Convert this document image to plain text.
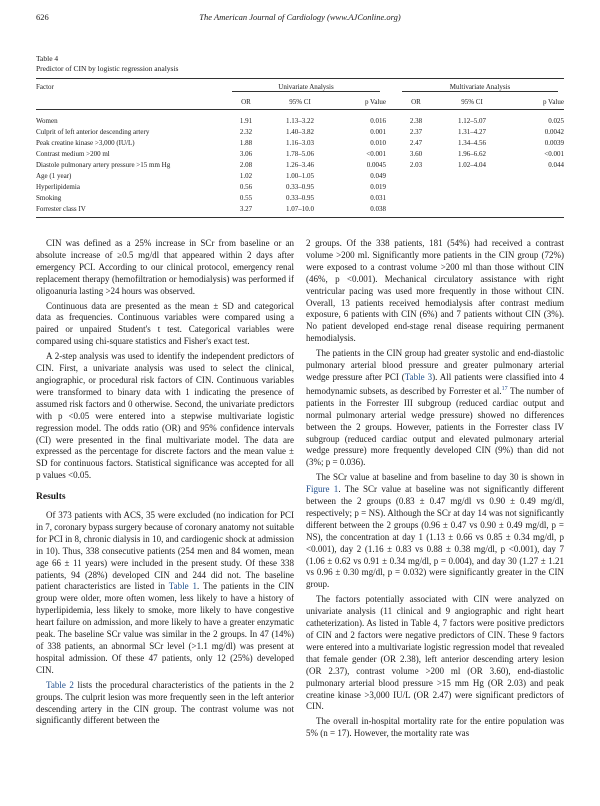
626	The American Journal of Cardiology (www.AJConline.org)
Table 4
Predictor of CIN by logistic regression analysis
Factor	Univariate Analysis				Multivariate Analysis		

	OR	95% CI	p Value		OR	95% CI	p Value

Women	1.91	1.13–3.22	0.016		2.38	1.12–5.07	0.025
Culprit of left anterior descending artery	2.32	1.40–3.82	0.001		2.37	1.31–4.27	0.0042
Peak creatine kinase >3,000 (IU/L)	1.88	1.16–3.03	0.010		2.47	1.34–4.56	0.0039
Contrast medium >200 ml	3.06	1.78–5.06	<0.001		3.60	1.96–6.62	<0.001
Diastole pulmonary artery pressure >15 mm Hg	2.08	1.26–3.46	0.0045		2.03	1.02–4.04	0.044
Age (1 year)	1.02	1.00–1.05	0.049				
Hyperlipidemia	0.56	0.33–0.95	0.019				
Smoking	0.55	0.33–0.95	0.031				
Forrester class IV	3.27	1.07–10.0	0.038				

CIN was defined as a 25% increase in SCr from baseline or an absolute increase of ≥0.5 mg/dl that appeared within 2 days after emergency PCI. According to our clinical protocol, emergency renal replacement therapy (hemofiltration or hemodialysis) was performed if oligoanuria lasting >24 hours was observed.

Continuous data are presented as the mean ± SD and categorical data as frequencies. Continuous variables were compared using a paired or unpaired Student's t test. Categorical variables were compared using chi-square statistics and Fisher's exact test.

A 2-step analysis was used to identify the independent predictors of CIN. First, a univariate analysis was used to select the clinical, angiographic, or procedural risk factors of CIN. Continuous variables were transformed to binary data with 1 indicating the presence of assumed risk factors and 0 otherwise. Second, the univariate predictors with p <0.05 were entered into a stepwise multivariate logistic regression model. The odds ratio (OR) and 95% confidence intervals (CI) were presented in the final multivariate model. The data are expressed as the percentage for discrete factors and the mean value ± SD for continuous factors. Statistical significance was accepted for all p values <0.05.

Results

Of 373 patients with ACS, 35 were excluded (no indication for PCI in 7, coronary bypass surgery because of coronary anatomy not suitable for PCI in 8, chronic dialysis in 10, and cardiogenic shock at admission in 10). Thus, 338 consecutive patients (254 men and 84 women, mean age 66 ± 11 years) were included in the present study. Of these 338 patients, 94 (28%) developed CIN and 244 did not. The baseline patient characteristics are listed in Table 1. The patients in the CIN group were older, more often women, less likely to have a history of hyperlipidemia, less likely to smoke, more likely to have congestive heart failure on admission, and more likely to have a greater enzymatic peak. The baseline SCr value was similar in the 2 groups. In 47 (14%) of 338 patients, an abnormal SCr level (>1.1 mg/dl) was present at hospital admission. Of these 47 patients, only 12 (25%) developed CIN.

Table 2 lists the procedural characteristics of the patients in the 2 groups. The culprit lesion was more frequently seen in the left anterior descending artery in the CIN group. The contrast volume was not significantly different between the

2 groups. Of the 338 patients, 181 (54%) had received a contrast volume >200 ml. Significantly more patients in the CIN group (72%) were exposed to a contrast volume >200 ml than those without CIN (46%, p <0.001). Mechanical circulatory assistance with right ventricular pacing was used more frequently in those without CIN. Overall, 13 patients received hemodialysis after contrast medium exposure, 6 patients with CIN (6%) and 7 patients without CIN (3%). No patient developed end-stage renal disease requiring permanent hemodialysis.

The patients in the CIN group had greater systolic and end-diastolic pulmonary arterial blood pressure and greater pulmonary arterial wedge pressure after PCI (Table 3). All patients were classified into 4 hemodynamic subsets, as described by Forrester et al.$^{17}$ The number of patients in the Forrester III subgroup (reduced cardiac output and normal pulmonary arterial wedge pressure) showed no differences between the 2 groups. However, patients in the Forrester class IV subgroup (reduced cardiac output and elevated pulmonary arterial wedge pressure) more frequently developed CIN (9%) than did not (3%; p = 0.036).

The SCr value at baseline and from baseline to day 30 is shown in Figure 1. The SCr value at baseline was not significantly different between the 2 groups (0.83 ± 0.47 mg/dl vs 0.90 ± 0.49 mg/dl, respectively; p = NS). Although the SCr at day 14 was not significantly different between the 2 groups (0.96 ± 0.47 vs 0.90 ± 0.49 mg/dl, p = NS), the concentration at day 1 (1.13 ± 0.66 vs 0.85 ± 0.34 mg/dl, p <0.001), day 2 (1.16 ± 0.83 vs 0.88 ± 0.38 mg/dl, p <0.001), day 7 (1.06 ± 0.62 vs 0.91 ± 0.34 mg/dl, p = 0.004), and day 30 (1.27 ± 1.21 vs 0.96 ± 0.30 mg/dl, p = 0.032) were significantly greater in the CIN group.

The factors potentially associated with CIN were analyzed on univariate analysis (11 clinical and 9 angiographic and right heart catheterization). As listed in Table 4, 7 factors were positive predictors of CIN and 2 factors were negative predictors of CIN. These 9 factors were entered into a multivariate logistic regression model that revealed that female gender (OR 2.38), left anterior descending artery lesion (OR 2.37), contrast volume >200 ml (OR 3.60), end-diastolic pulmonary arterial blood pressure >15 mm Hg (OR 2.03) and peak creatine kinase >3,000 IU/L (OR 2.47) were significant predictors of CIN.

The overall in-hospital mortality rate for the entire population was 5% (n = 17). However, the mortality rate was
